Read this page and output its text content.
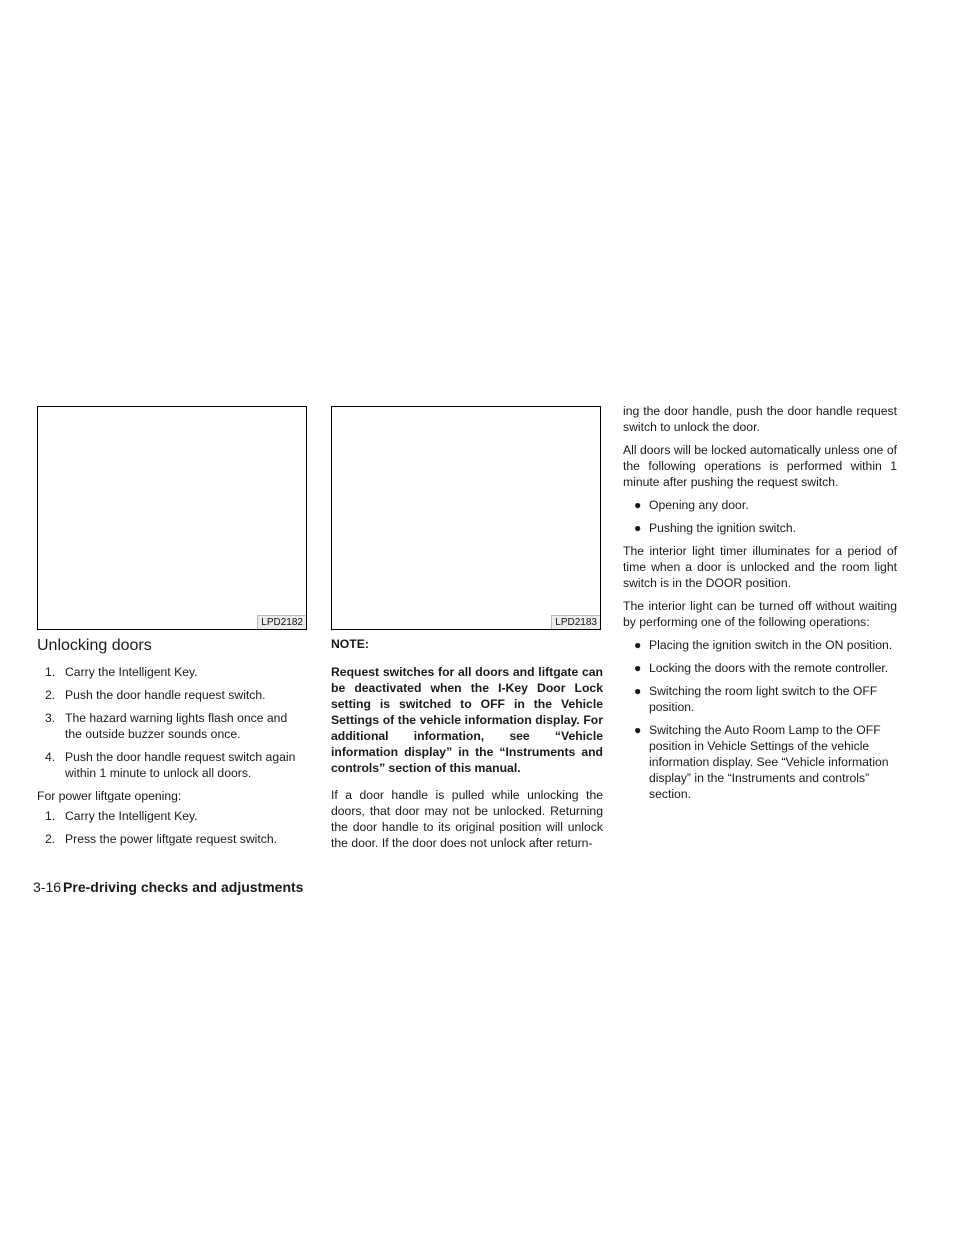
LPD2182	LPD2183
Unlocking doors
1. Carry the Intelligent Key.
2. Push the door handle request switch.
3. The hazard warning lights flash once and the outside buzzer sounds once.
4. Push the door handle request switch again within 1 minute to unlock all doors.

For power liftgate opening:

1. Carry the Intelligent Key.
2. Press the power liftgate request switch.
NOTE:
Request switches for all doors and liftgate can be deactivated when the I-Key Door Lock setting is switched to OFF in the Vehicle Settings of the vehicle information display. For additional information, see “Vehicle information display” in the “Instruments and controls” section of this manual.

If a door handle is pulled while unlocking the doors, that door may not be unlocked. Returning the door handle to its original position will unlock the door. If the door does not unlock after return-

ing the door handle, push the door handle request switch to unlock the door.

All doors will be locked automatically unless one of the following operations is performed within 1 minute after pushing the request switch.

● Opening any door.
● Pushing the ignition switch.

The interior light timer illuminates for a period of time when a door is unlocked and the room light switch is in the DOOR position.

The interior light can be turned off without waiting by performing one of the following operations:

● Placing the ignition switch in the ON position.
● Locking the doors with the remote controller.
● Switching the room light switch to the OFF position.
● Switching the Auto Room Lamp to the OFF position in Vehicle Settings of the vehicle information display. See “Vehicle information display” in the “Instruments and controls” section.
3-16 Pre-driving checks and adjustments
